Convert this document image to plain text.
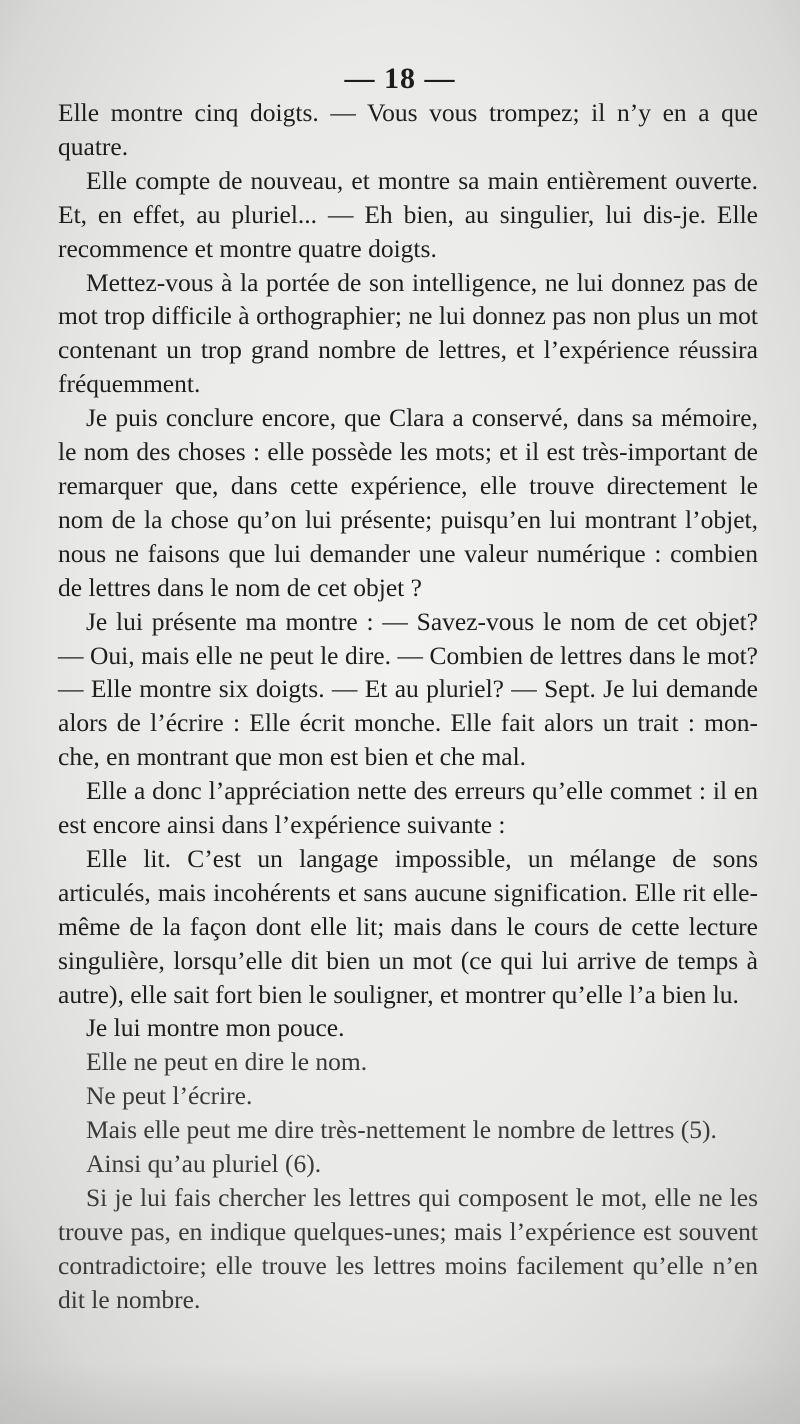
— 18 —

Elle montre cinq doigts. — Vous vous trompez; il n’y en a que quatre.

Elle compte de nouveau, et montre sa main entièrement ouverte. Et, en effet, au pluriel... — Eh bien, au singulier, lui dis-je. Elle recommence et montre quatre doigts.

Mettez-vous à la portée de son intelligence, ne lui donnez pas de mot trop difficile à orthographier; ne lui donnez pas non plus un mot contenant un trop grand nombre de lettres, et l’expérience réussira fréquemment.

Je puis conclure encore, que Clara a conservé, dans sa mémoire, le nom des choses : elle possède les mots; et il est très-important de remarquer que, dans cette expérience, elle trouve directement le nom de la chose qu’on lui présente; puisqu’en lui montrant l’objet, nous ne faisons que lui demander une valeur numérique : combien de lettres dans le nom de cet objet ?

Je lui présente ma montre : — Savez-vous le nom de cet objet? — Oui, mais elle ne peut le dire. — Combien de lettres dans le mot? — Elle montre six doigts. — Et au pluriel? — Sept. Je lui demande alors de l’écrire : Elle écrit monche. Elle fait alors un trait : mon-che, en montrant que mon est bien et che mal.

Elle a donc l’appréciation nette des erreurs qu’elle commet : il en est encore ainsi dans l’expérience suivante :

Elle lit. C’est un langage impossible, un mélange de sons articulés, mais incohérents et sans aucune signification. Elle rit elle-même de la façon dont elle lit; mais dans le cours de cette lecture singulière, lorsqu’elle dit bien un mot (ce qui lui arrive de temps à autre), elle sait fort bien le souligner, et montrer qu’elle l’a bien lu.

Je lui montre mon pouce.

Elle ne peut en dire le nom.

Ne peut l’écrire.

Mais elle peut me dire très-nettement le nombre de lettres (5).

Ainsi qu’au pluriel (6).

Si je lui fais chercher les lettres qui composent le mot, elle ne les trouve pas, en indique quelques-unes; mais l’expérience est souvent contradictoire; elle trouve les lettres moins facilement qu’elle n’en dit le nombre.
